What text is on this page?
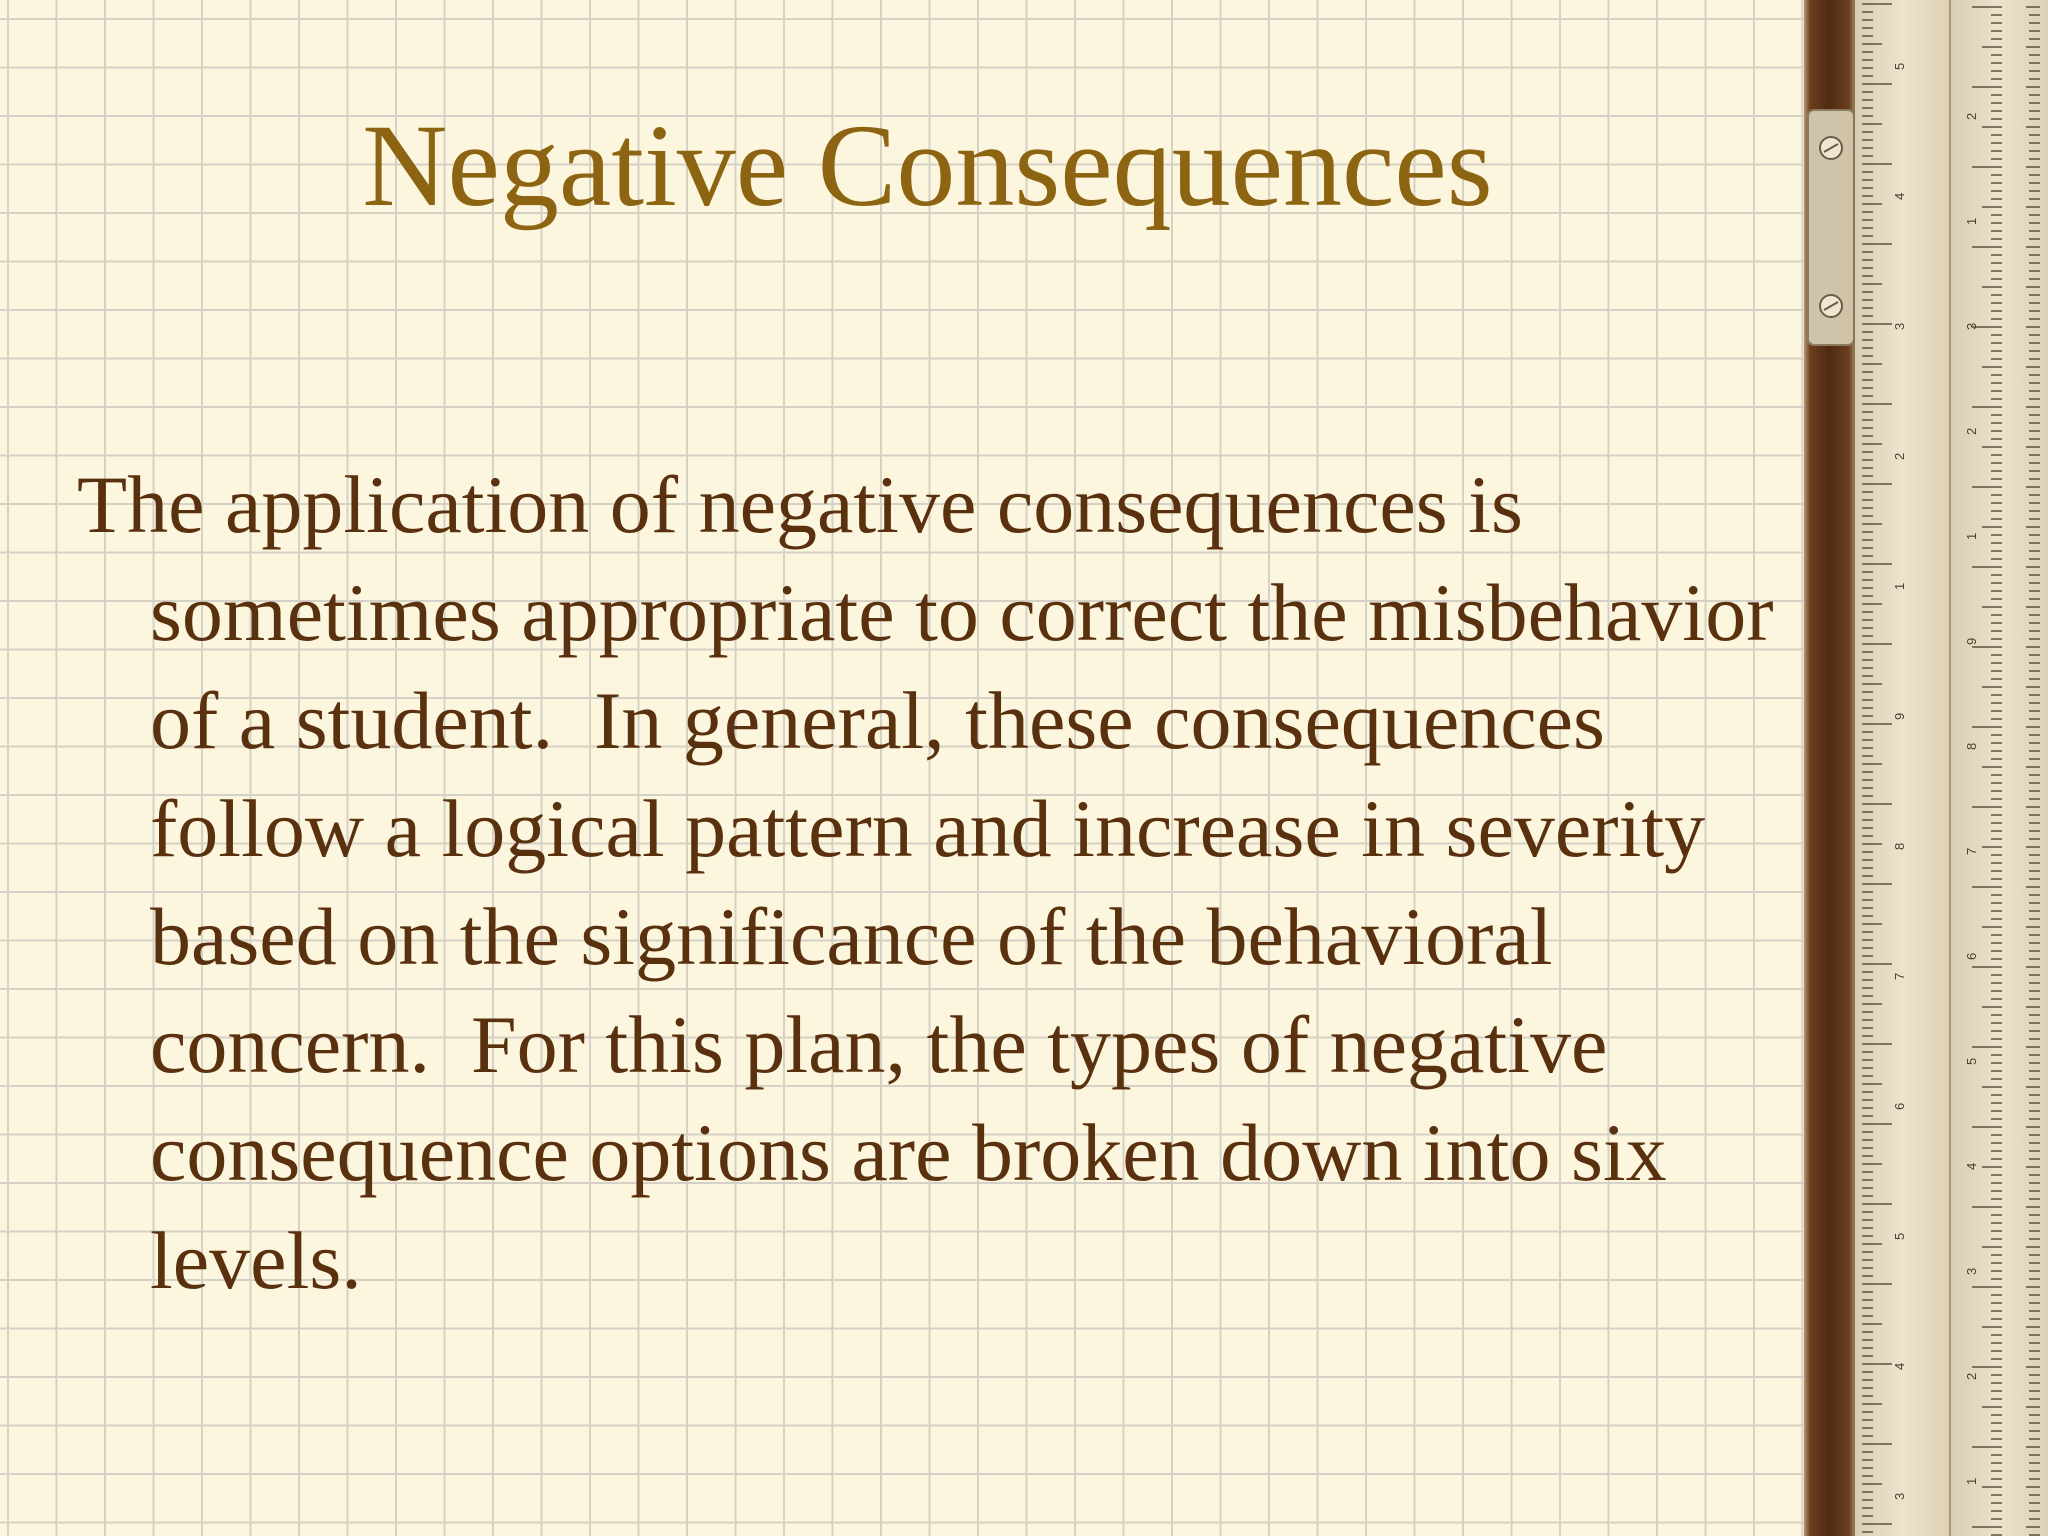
Negative Consequences
The application of negative consequences is sometimes appropriate to correct the misbehavior of a student.  In general, these consequences follow a logical pattern and increase in severity based on the significance of the behavioral concern.  For this plan, the types of negative consequence options are broken down into six levels.
5
4
3
2
1
9
8
7
6
5
4
3
2
1
3
2
1
9
8
7
6
5
4
3
2
1
